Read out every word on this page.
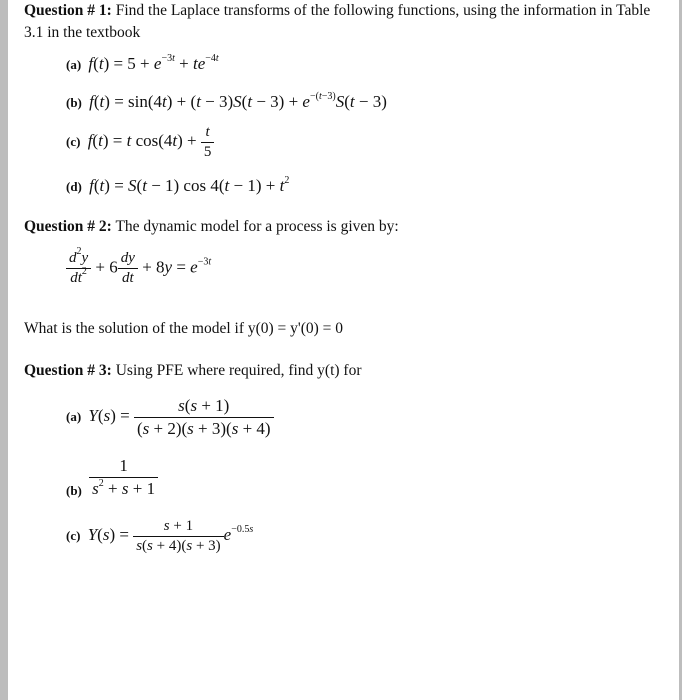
Question # 1: Find the Laplace transforms of the following functions, using the information in Table 3.1 in the textbook
(a) $f(t) = 5 + e^{-3t} + te^{-4t}$
(b) $f(t) = \sin(4t) + (t - 3)S(t - 3) + e^{-(t-3)}S(t - 3)$
(c) f(t) = t $\cos(4t) + \frac{t}{5}$
(d) f(t) = S(t − 1) $\cos 4(t - 1) + t^2$
Question # 2: The dynamic model for a process is given by:
$\frac{d^2y}{dt^2} + 6 \frac{dy}{dt} + 8y = e^{-3t}$
What is the solution of the model if y(0) = y'(0) = 0
Question # 3: Using PFE where required, find y(t) for
(a) $Y(s) = \frac{s(s + 1)}{(s + 2)(s + 3)(s + 4)}$
$_{(b)} \frac{1}{s^2 + s + 1}$
(c) $Y(s) = \frac{s + 1}{s(s + 4)(s + 3)} e^{-0.5s}$
